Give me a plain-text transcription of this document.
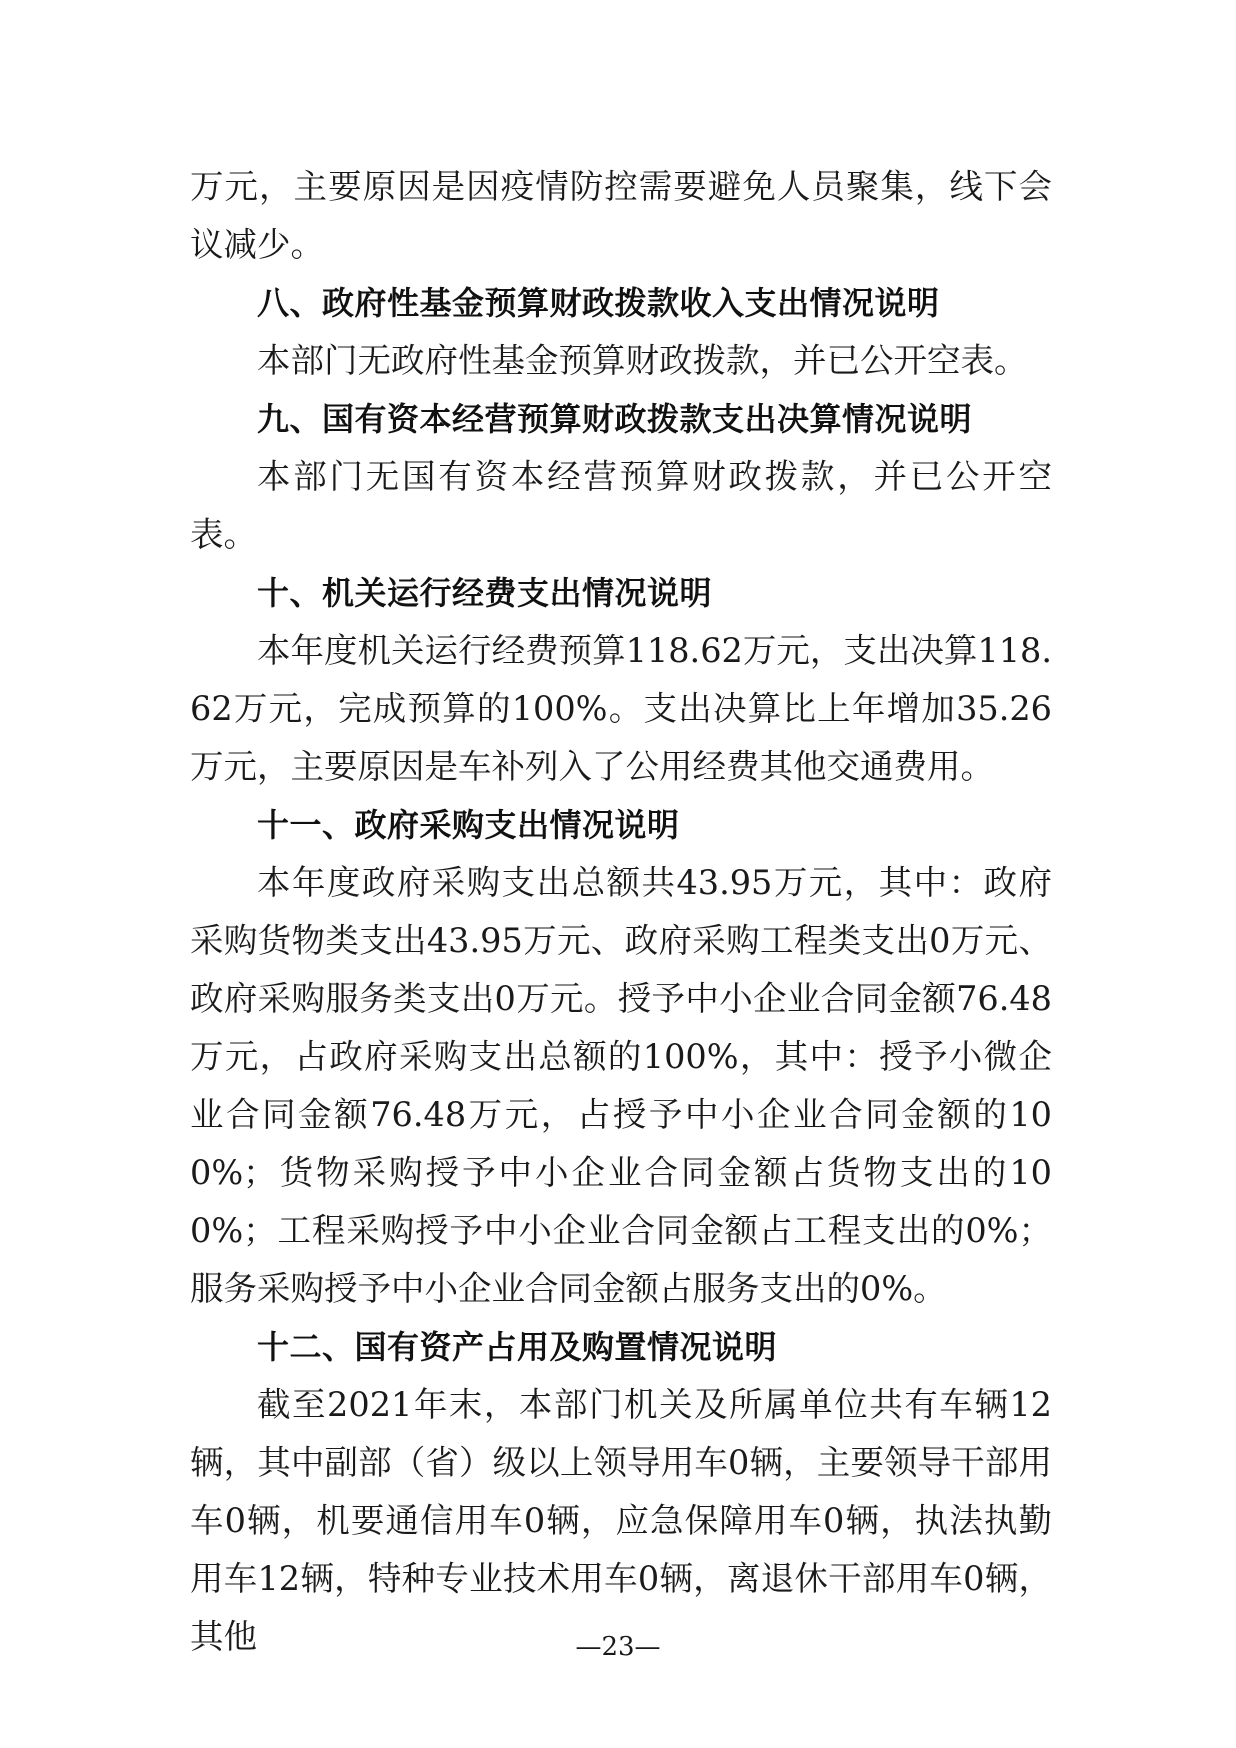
万元，主要原因是因疫情防控需要避免人员聚集，线下会议减少。

八、政府性基金预算财政拨款收入支出情况说明

本部门无政府性基金预算财政拨款，并已公开空表。

九、国有资本经营预算财政拨款支出决算情况说明

本部门无国有资本经营预算财政拨款，并已公开空表。

十、机关运行经费支出情况说明

本年度机关运行经费预算118.62万元，支出决算118.62万元，完成预算的100%。支出决算比上年增加35.26万元，主要原因是车补列入了公用经费其他交通费用。

十一、政府采购支出情况说明

本年度政府采购支出总额共43.95万元，其中：政府采购货物类支出43.95万元、政府采购工程类支出0万元、政府采购服务类支出0万元。授予中小企业合同金额76.48万元，占政府采购支出总额的100%，其中：授予小微企业合同金额76.48万元，占授予中小企业合同金额的100%；货物采购授予中小企业合同金额占货物支出的100%；工程采购授予中小企业合同金额占工程支出的0%；服务采购授予中小企业合同金额占服务支出的0%。

十二、国有资产占用及购置情况说明

截至2021年末，本部门机关及所属单位共有车辆12辆，其中副部（省）级以上领导用车0辆，主要领导干部用车0辆，机要通信用车0辆，应急保障用车0辆，执法执勤用车12辆，特种专业技术用车0辆，离退休干部用车0辆，其他	—23—
